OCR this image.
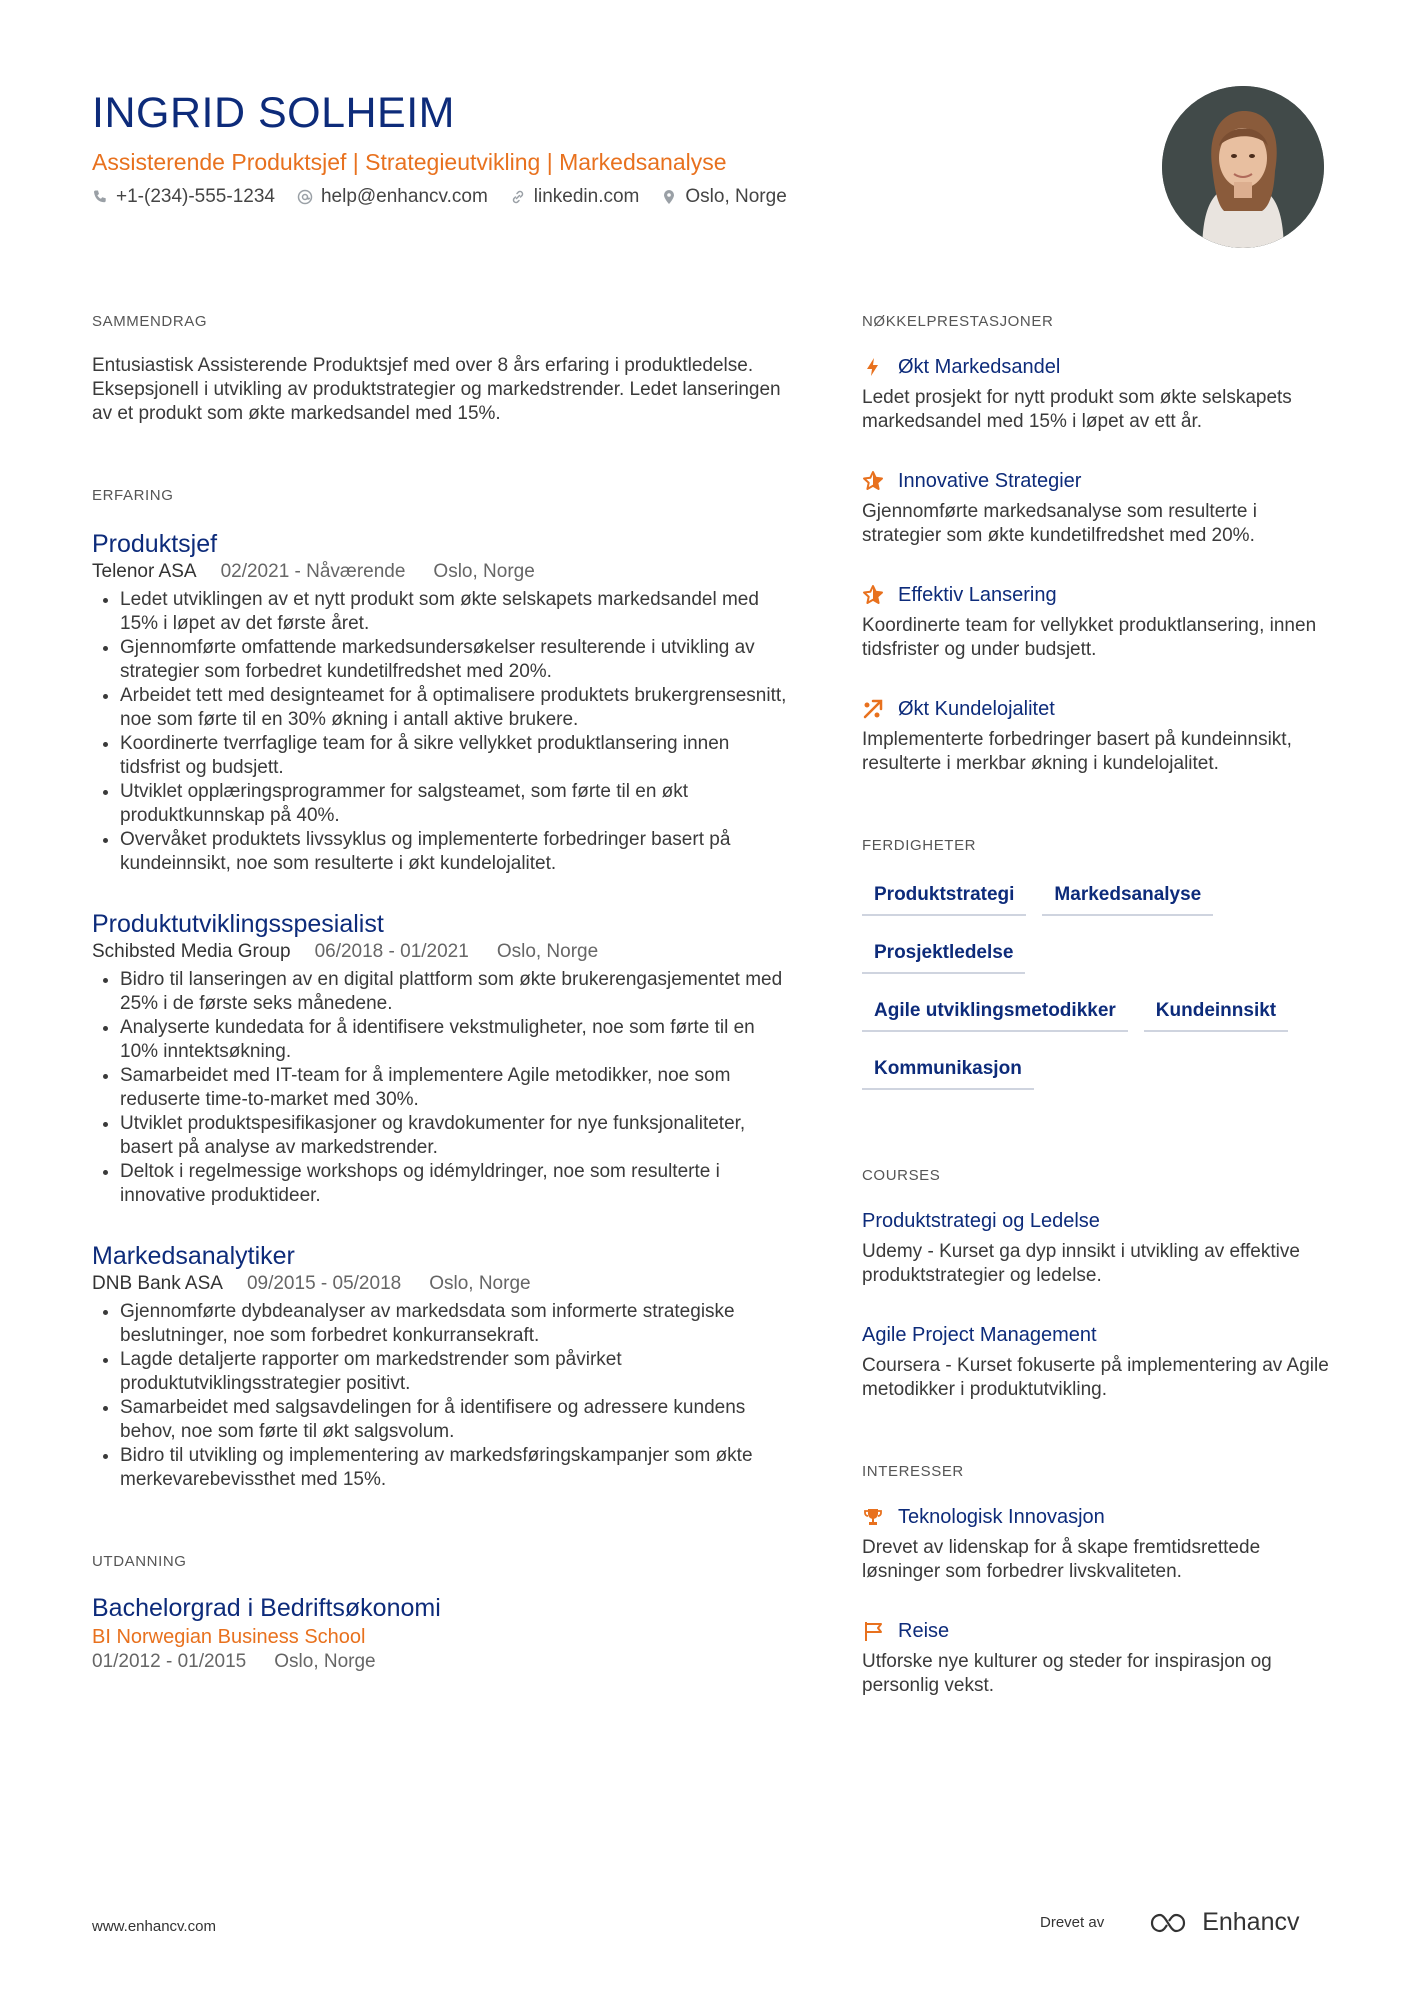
INGRID SOLHEIM
Assisterende Produktsjef | Strategieutvikling | Markedsanalyse
+1-(234)-555-1234 help@enhancv.com linkedin.com Oslo, Norge
SAMMENDRAG
Entusiastisk Assisterende Produktsjef med over 8 års erfaring i produktledelse. Eksepsjonell i utvikling av produktstrategier og markedstrender. Ledet lanseringen av et produkt som økte markedsandel med 15%.
ERFARING
Produktsjef
Telenor ASA 02/2021 - Nåværende Oslo, Norge
• Ledet utviklingen av et nytt produkt som økte selskapets markedsandel med 15% i løpet av det første året.
• Gjennomførte omfattende markedsundersøkelser resulterende i utvikling av strategier som forbedret kundetilfredshet med 20%.
• Arbeidet tett med designteamet for å optimalisere produktets brukergrensesnitt, noe som førte til en 30% økning i antall aktive brukere.
• Koordinerte tverrfaglige team for å sikre vellykket produktlansering innen tidsfrist og budsjett.
• Utviklet opplæringsprogrammer for salgsteamet, som førte til en økt produktkunnskap på 40%.
• Overvåket produktets livssyklus og implementerte forbedringer basert på kundeinnsikt, noe som resulterte i økt kundelojalitet.
Produktutviklingsspesialist
Schibsted Media Group 06/2018 - 01/2021 Oslo, Norge
• Bidro til lanseringen av en digital plattform som økte brukerengasjementet med 25% i de første seks månedene.
• Analyserte kundedata for å identifisere vekstmuligheter, noe som førte til en 10% inntektsøkning.
• Samarbeidet med IT-team for å implementere Agile metodikker, noe som reduserte time-to-market med 30%.
• Utviklet produktspesifikasjoner og kravdokumenter for nye funksjonaliteter, basert på analyse av markedstrender.
• Deltok i regelmessige workshops og idémyldringer, noe som resulterte i innovative produktideer.
Markedsanalytiker
DNB Bank ASA 09/2015 - 05/2018 Oslo, Norge
• Gjennomførte dybdeanalyser av markedsdata som informerte strategiske beslutninger, noe som forbedret konkurransekraft.
• Lagde detaljerte rapporter om markedstrender som påvirket produktutviklingsstrategier positivt.
• Samarbeidet med salgsavdelingen for å identifisere og adressere kundens behov, noe som førte til økt salgsvolum.
• Bidro til utvikling og implementering av markedsføringskampanjer som økte merkevarebevissthet med 15%.
UTDANNING
Bachelorgrad i Bedriftsøkonomi
BI Norwegian Business School
01/2012 - 01/2015 Oslo, Norge
NØKKELPRESTASJONER
Økt Markedsandel
Ledet prosjekt for nytt produkt som økte selskapets markedsandel med 15% i løpet av ett år.
Innovative Strategier
Gjennomførte markedsanalyse som resulterte i strategier som økte kundetilfredshet med 20%.
Effektiv Lansering
Koordinerte team for vellykket produktlansering, innen tidsfrister og under budsjett.
Økt Kundelojalitet
Implementerte forbedringer basert på kundeinnsikt, resulterte i merkbar økning i kundelojalitet.
FERDIGHETER
Produktstrategi	Markedsanalyse
Prosjektledelse
Agile utviklingsmetodikker	Kundeinnsikt
Kommunikasjon
COURSES
Produktstrategi og Ledelse
Udemy - Kurset ga dyp innsikt i utvikling av effektive produktstrategier og ledelse.
Agile Project Management
Coursera - Kurset fokuserte på implementering av Agile metodikker i produktutvikling.
INTERESSER
Teknologisk Innovasjon
Drevet av lidenskap for å skape fremtidsrettede løsninger som forbedrer livskvaliteten.
Reise
Utforske nye kulturer og steder for inspirasjon og personlig vekst.
www.enhancv.com	Drevet av	Enhancv
